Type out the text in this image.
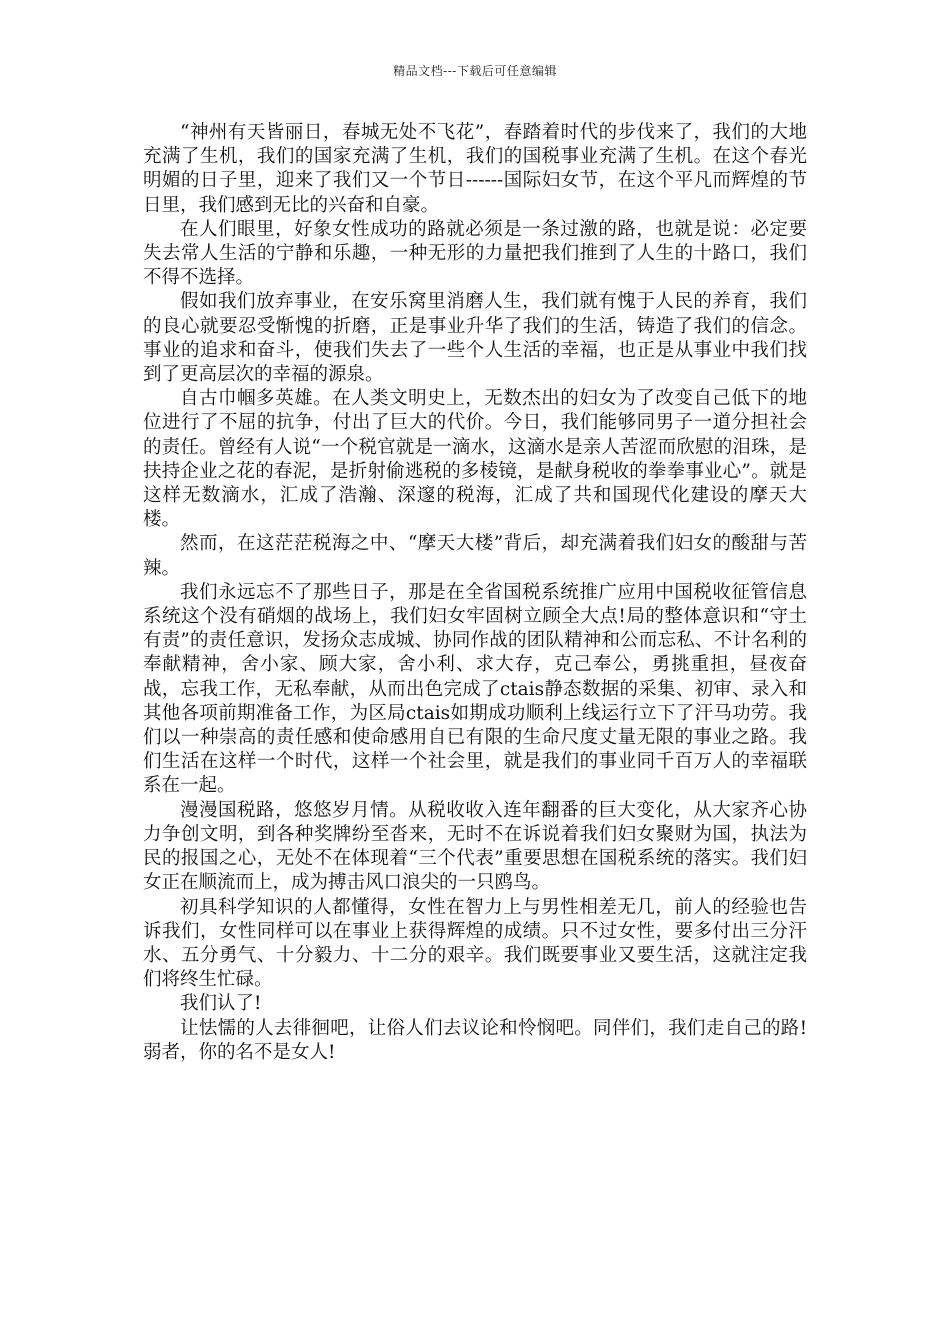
精品文档---下载后可任意编辑

“神州有天皆丽日，春城无处不飞花”，春踏着时代的步伐来了，我们的大地充满了生机，我们的国家充满了生机，我们的国税事业充满了生机。在这个春光明媚的日子里，迎来了我们又一个节日------国际妇女节，在这个平凡而辉煌的节日里，我们感到无比的兴奋和自豪。

在人们眼里，好象女性成功的路就必须是一条过激的路，也就是说：必定要失去常人生活的宁静和乐趣，一种无形的力量把我们推到了人生的十路口，我们不得不选择。

假如我们放弃事业，在安乐窝里消磨人生，我们就有愧于人民的养育，我们的良心就要忍受惭愧的折磨，正是事业升华了我们的生活，铸造了我们的信念。事业的追求和奋斗，使我们失去了一些个人生活的幸福，也正是从事业中我们找到了更高层次的幸福的源泉。

自古巾帼多英雄。在人类文明史上，无数杰出的妇女为了改变自己低下的地位进行了不屈的抗争，付出了巨大的代价。今日，我们能够同男子一道分担社会的责任。曾经有人说“一个税官就是一滴水，这滴水是亲人苦涩而欣慰的泪珠，是扶持企业之花的春泥，是折射偷逃税的多棱镜，是献身税收的拳拳事业心”。就是这样无数滴水，汇成了浩瀚、深邃的税海，汇成了共和国现代化建设的摩天大楼。

然而，在这茫茫税海之中、“摩天大楼”背后，却充满着我们妇女的酸甜与苦辣。

我们永远忘不了那些日子，那是在全省国税系统推广应用中国税收征管信息系统这个没有硝烟的战场上，我们妇女牢固树立顾全大点!局的整体意识和“守土有责”的责任意识，发扬众志成城、协同作战的团队精神和公而忘私、不计名利的奉献精神，舍小家、顾大家，舍小利、求大存，克己奉公，勇挑重担，昼夜奋战，忘我工作，无私奉献，从而出色完成了ctais静态数据的采集、初审、录入和其他各项前期准备工作，为区局ctais如期成功顺利上线运行立下了汗马功劳。我们以一种崇高的责任感和使命感用自已有限的生命尺度丈量无限的事业之路。我们生活在这样一个时代，这样一个社会里，就是我们的事业同千百万人的幸福联系在一起。

漫漫国税路，悠悠岁月情。从税收收入连年翻番的巨大变化，从大家齐心协力争创文明，到各种奖牌纷至沓来，无时不在诉说着我们妇女聚财为国，执法为民的报国之心，无处不在体现着“三个代表”重要思想在国税系统的落实。我们妇女正在顺流而上，成为搏击风口浪尖的一只鸥鸟。

初具科学知识的人都懂得，女性在智力上与男性相差无几，前人的经验也告诉我们，女性同样可以在事业上获得辉煌的成绩。只不过女性，要多付出三分汗水、五分勇气、十分毅力、十二分的艰辛。我们既要事业又要生活，这就注定我们将终生忙碌。

我们认了!

让怯懦的人去徘徊吧，让俗人们去议论和怜悯吧。同伴们，我们走自己的路!弱者，你的名不是女人!
